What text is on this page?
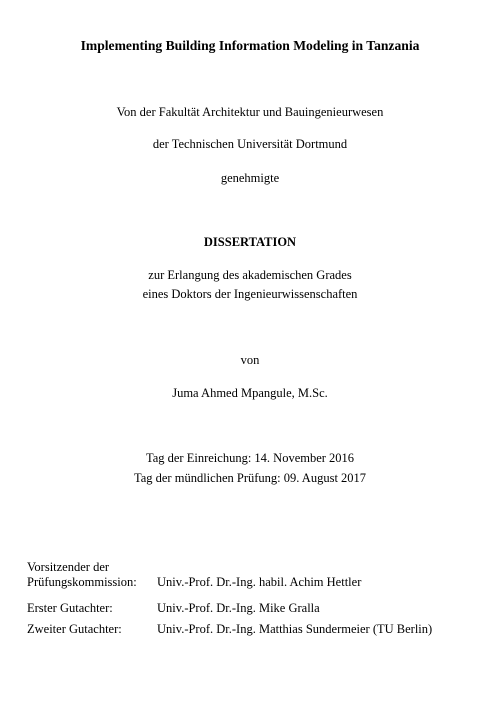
Implementing Building Information Modeling in Tanzania
Von der Fakultät Architektur und Bauingenieurwesen
der Technischen Universität Dortmund
genehmigte
DISSERTATION
zur Erlangung des akademischen Grades
eines Doktors der Ingenieurwissenschaften
von
Juma Ahmed Mpangule, M.Sc.
Tag der Einreichung: 14. November 2016
Tag der mündlichen Prüfung: 09. August 2017
Vorsitzender der
Prüfungskommission:	Univ.-Prof. Dr.-Ing. habil. Achim Hettler
Erster Gutachter:	Univ.-Prof. Dr.-Ing. Mike Gralla
Zweiter Gutachter:	Univ.-Prof. Dr.-Ing. Matthias Sundermeier (TU Berlin)
